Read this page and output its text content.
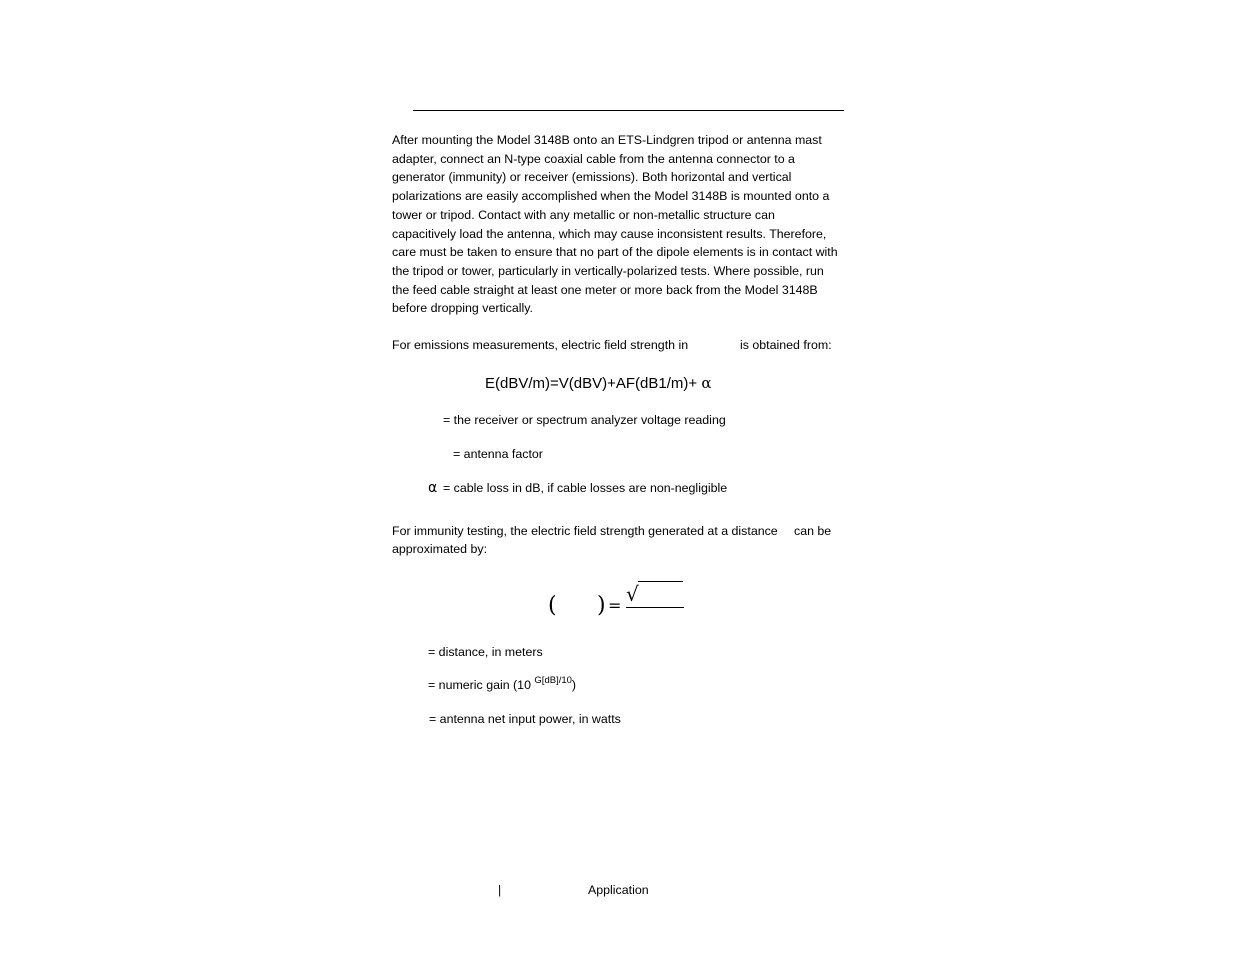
After mounting the Model 3148B onto an ETS-Lindgren tripod or antenna mast
adapter, connect an N-type coaxial cable from the antenna connector to a
generator (immunity) or receiver (emissions). Both horizontal and vertical
polarizations are easily accomplished when the Model 3148B is mounted onto a
tower or tripod. Contact with any metallic or non-metallic structure can
capacitively load the antenna, which may cause inconsistent results. Therefore,
care must be taken to ensure that no part of the dipole elements is in contact with
the tripod or tower, particularly in vertically-polarized tests. Where possible, run
the feed cable straight at least one meter or more back from the Model 3148B
before dropping vertically.
For emissions measurements, electric field strength in	is obtained from:
E(dBV/m)=V(dBV)+AF(dB1/m)+ α
= the receiver or spectrum analyzer voltage reading
= antenna factor
α = cable loss in dB, if cable losses are non-negligible
For immunity testing, the electric field strength generated at a distance can be
approximated by:
( ) = √
= distance, in meters
= numeric gain (10 $^{G[dB]/10}$)
= antenna net input power, in watts
|	Application
